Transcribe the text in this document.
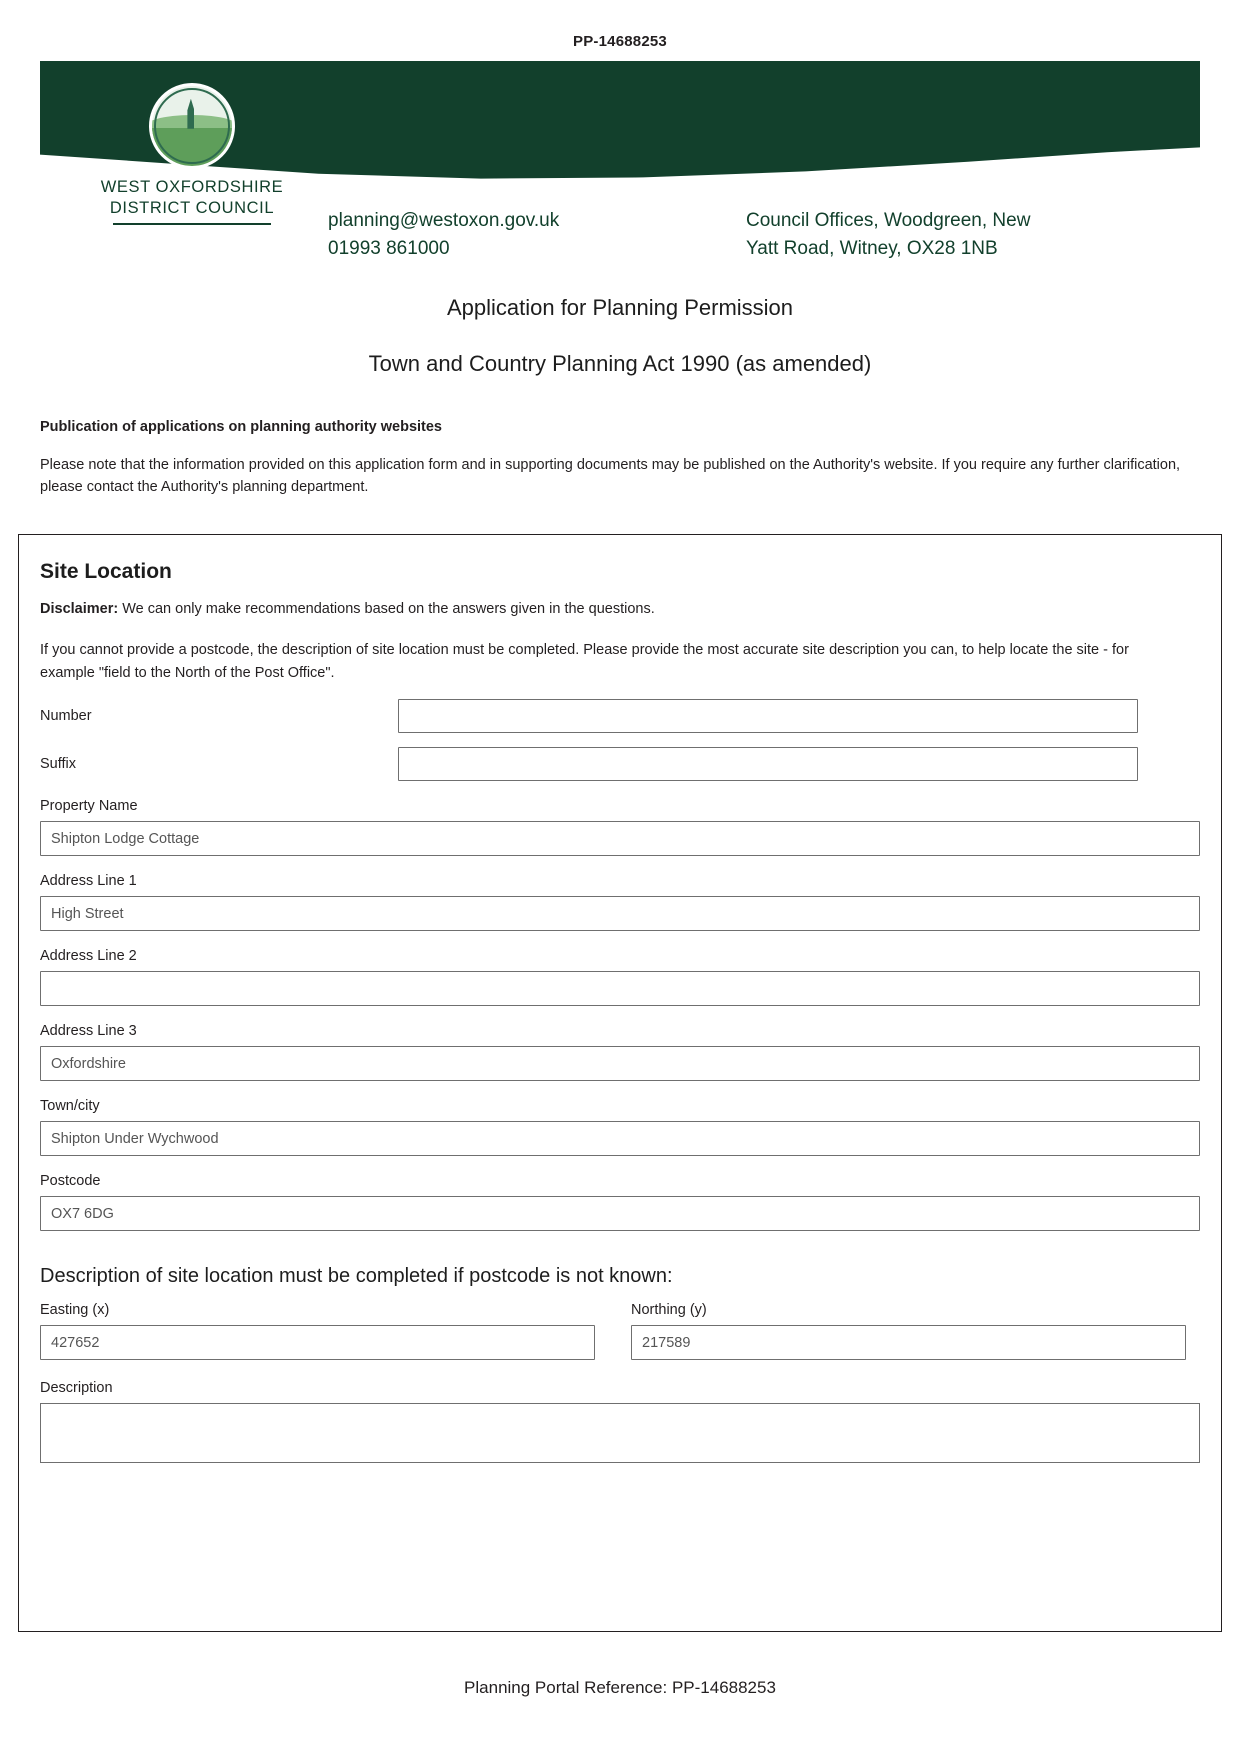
PP-14688253
WEST OXFORDSHIRE
DISTRICT COUNCIL
planning@westoxon.gov.uk
01993 861000
Council Offices, Woodgreen, New
Yatt Road, Witney, OX28 1NB
Application for Planning Permission
Town and Country Planning Act 1990 (as amended)
Publication of applications on planning authority websites
Please note that the information provided on this application form and in supporting documents may be published on the Authority's website. If you require any further clarification, please contact the Authority's planning department.
Site Location
Disclaimer: We can only make recommendations based on the answers given in the questions.
If you cannot provide a postcode, the description of site location must be completed. Please provide the most accurate site description you can, to help locate the site - for example "field to the North of the Post Office".
Number
Suffix
Property Name
Shipton Lodge Cottage
Address Line 1
High Street
Address Line 2
Address Line 3
Oxfordshire
Town/city
Shipton Under Wychwood
Postcode
OX7 6DG
Description of site location must be completed if postcode is not known:
Easting (x)
427652
Northing (y)
217589
Description
Planning Portal Reference: PP-14688253
